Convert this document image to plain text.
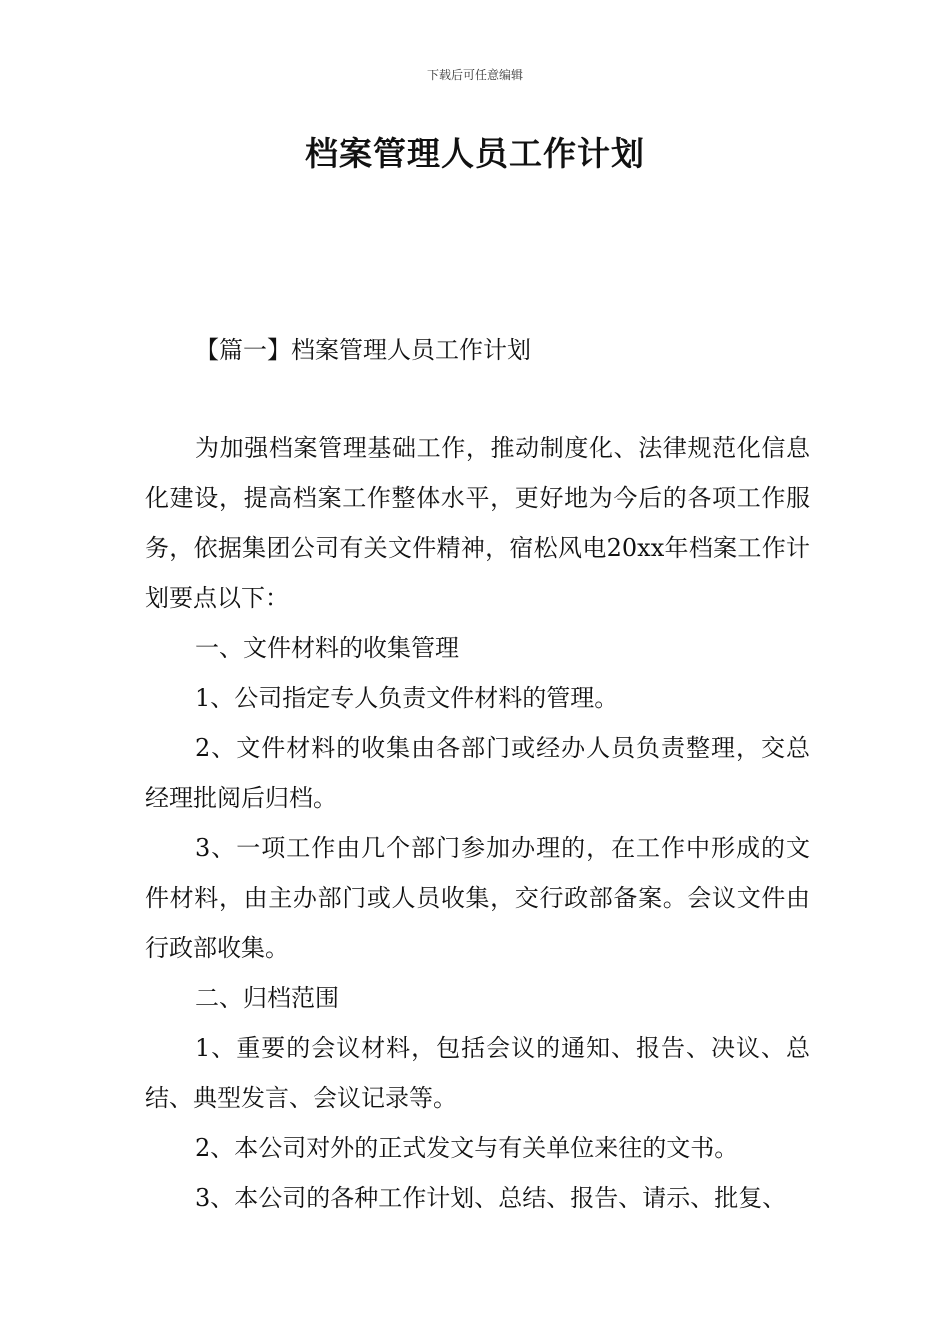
下载后可任意编辑
档案管理人员工作计划
【篇一】档案管理人员工作计划

为加强档案管理基础工作，推动制度化、法律规范化信息化建设，提高档案工作整体水平，更好地为今后的各项工作服务，依据集团公司有关文件精神，宿松风电20xx年档案工作计划要点以下：

一、文件材料的收集管理

1、公司指定专人负责文件材料的管理。

2、文件材料的收集由各部门或经办人员负责整理，交总经理批阅后归档。

3、一项工作由几个部门参加办理的，在工作中形成的文件材料，由主办部门或人员收集，交行政部备案。会议文件由行政部收集。

二、归档范围

1、重要的会议材料，包括会议的通知、报告、决议、总结、典型发言、会议记录等。

2、本公司对外的正式发文与有关单位来往的文书。

3、本公司的各种工作计划、总结、报告、请示、批复、
